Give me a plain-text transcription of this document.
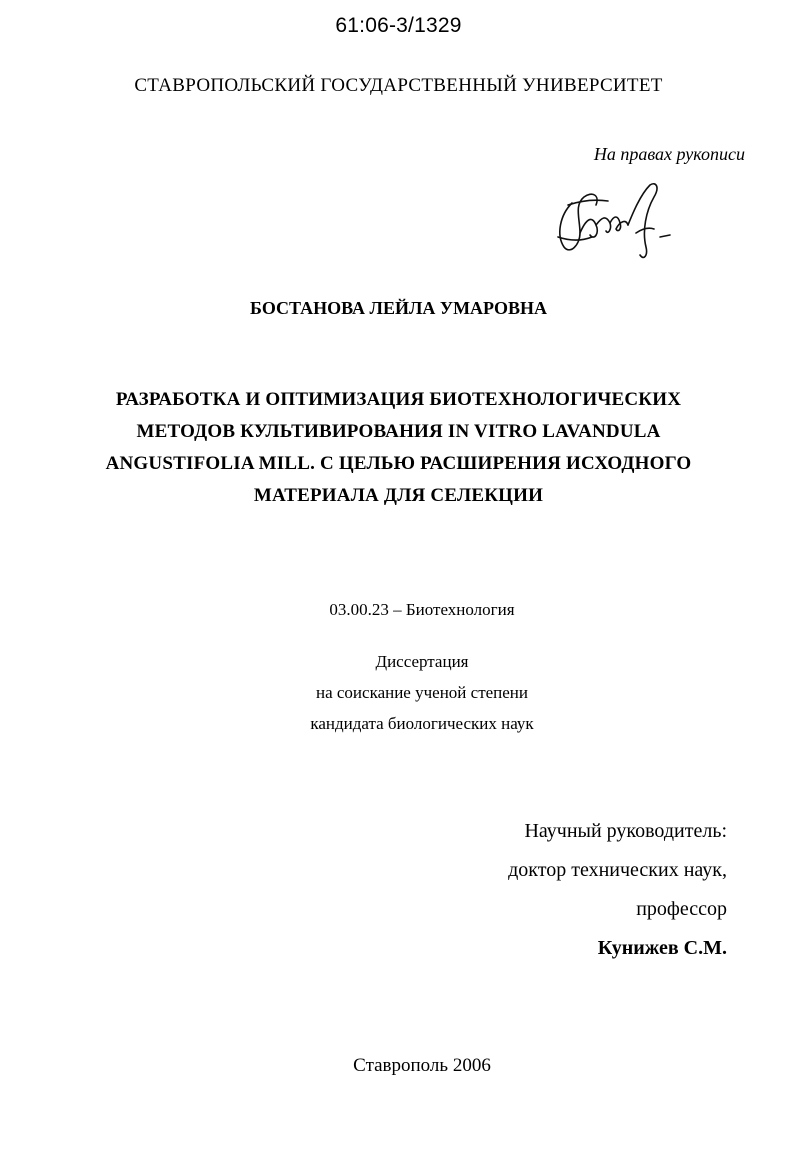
61:06-3/1329
СТАВРОПОЛЬСКИЙ ГОСУДАРСТВЕННЫЙ УНИВЕРСИТЕТ
На правах рукописи
БОСТАНОВА ЛЕЙЛА УМАРОВНА
РАЗРАБОТКА И ОПТИМИЗАЦИЯ БИОТЕХНОЛОГИЧЕСКИХ
МЕТОДОВ КУЛЬТИВИРОВАНИЯ IN VITRO LAVANDULA
ANGUSTIFOLIA MILL. С ЦЕЛЬЮ РАСШИРЕНИЯ ИСХОДНОГО
МАТЕРИАЛА ДЛЯ СЕЛЕКЦИИ
03.00.23 – Биотехнология
Диссертация
на соискание ученой степени
кандидата биологических наук
Научный руководитель:
доктор технических наук,
профессор
Кунижев С.М.
Ставрополь 2006
